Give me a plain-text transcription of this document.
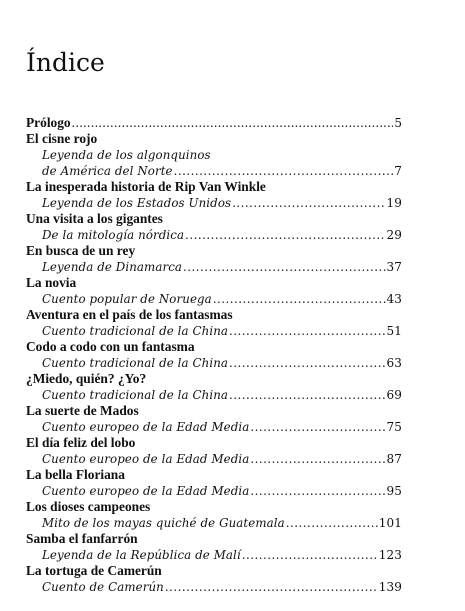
Índice
Prólogo .....	5
El cisne rojo
Leyenda de los algonquinos
de América del Norte .....	7
La inesperada historia de Rip Van Winkle
Leyenda de los Estados Unidos .....	19
Una visita a los gigantes
De la mitología nórdica .....	29
En busca de un rey
Leyenda de Dinamarca .....	37
La novia
Cuento popular de Noruega .....	43
Aventura en el país de los fantasmas
Cuento tradicional de la China .....	51
Codo a codo con un fantasma
Cuento tradicional de la China .....	63
¿Miedo, quién? ¿Yo?
Cuento tradicional de la China .....	69
La suerte de Mados
Cuento europeo de la Edad Media .....	75
El día feliz del lobo
Cuento europeo de la Edad Media .....	87
La bella Floriana
Cuento europeo de la Edad Media .....	95
Los dioses campeones
Mito de los mayas quiché de Guatemala .....	101
Samba el fanfarrón
Leyenda de la República de Malí .....	123
La tortuga de Camerún
Cuento de Camerún .....	139
